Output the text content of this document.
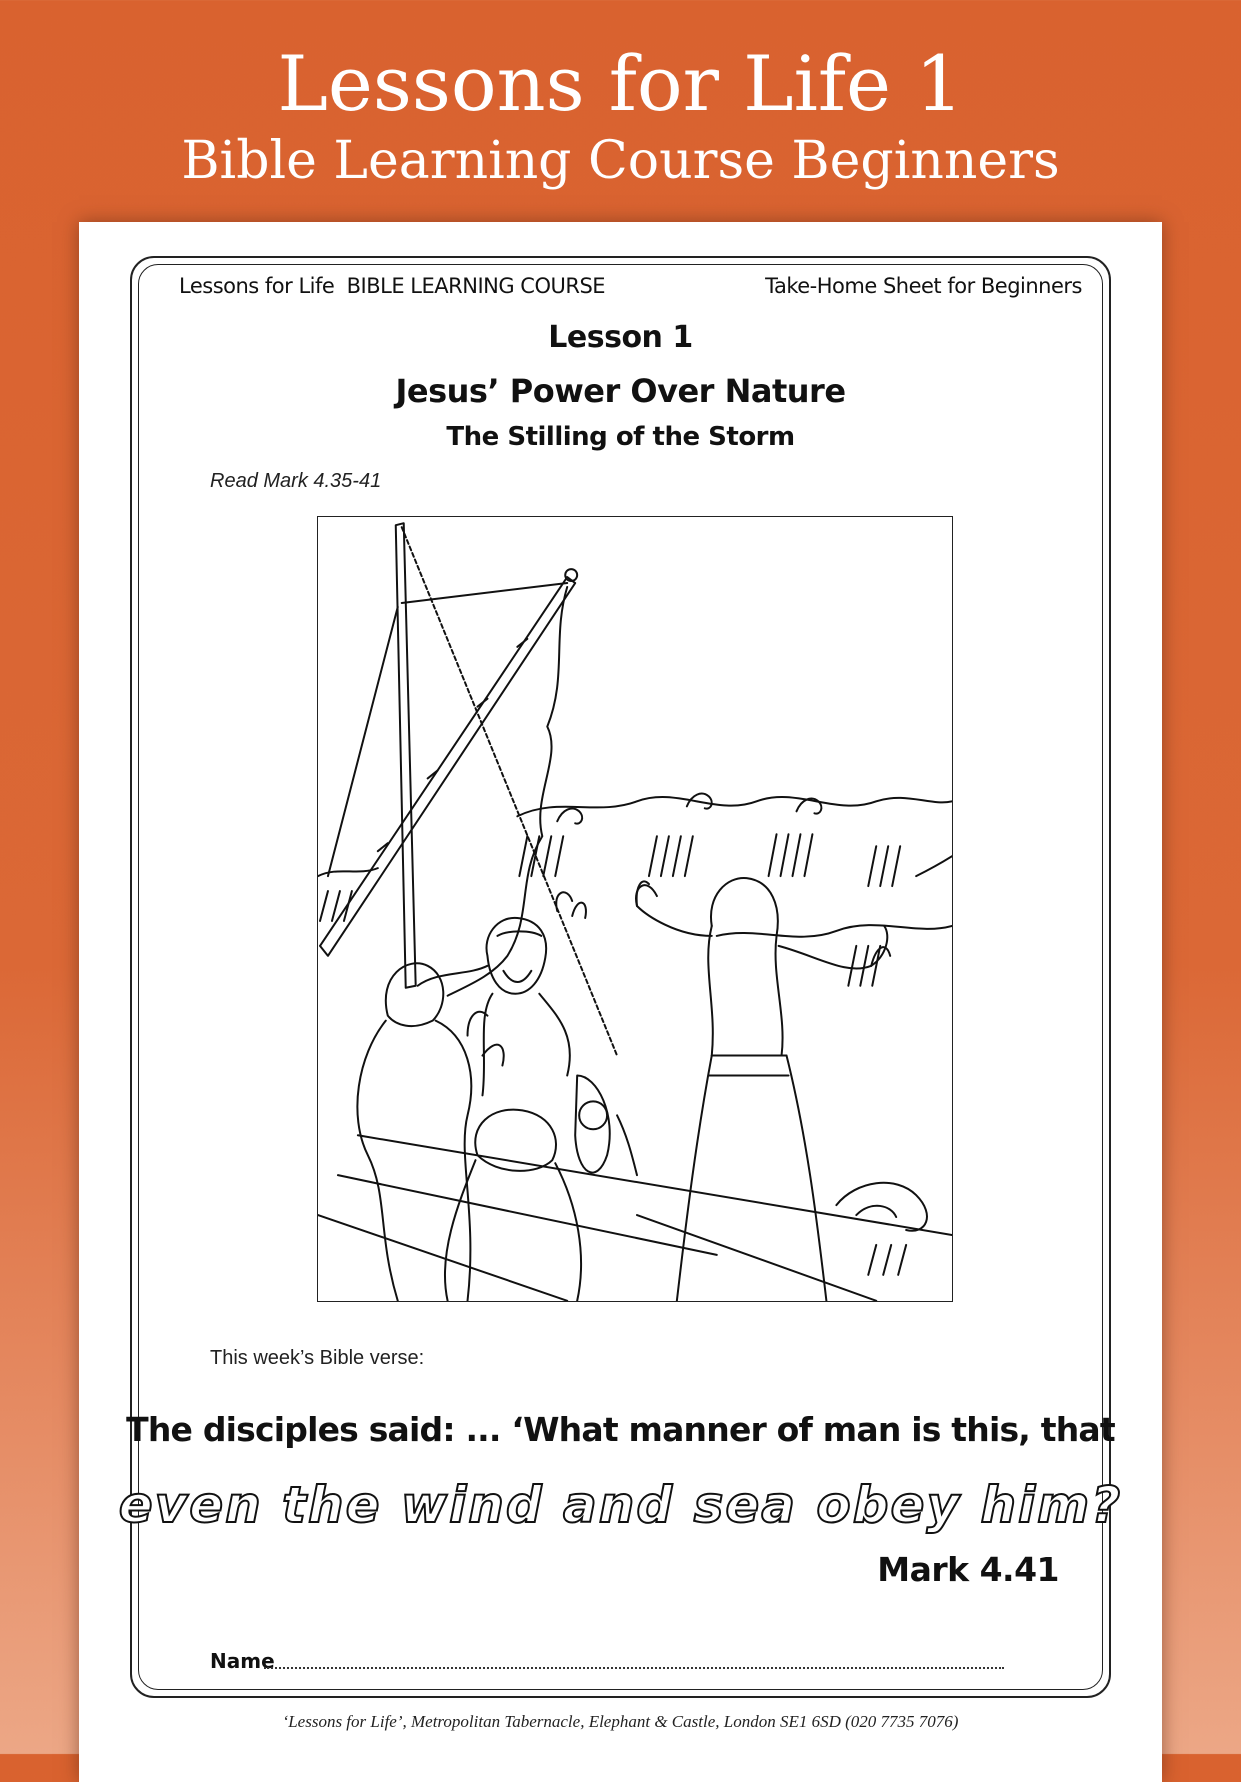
Lessons for Life 1
Bible Learning Course Beginners
Lessons for Life  BIBLE LEARNING COURSE	Take-Home Sheet for Beginners
Lesson 1
Jesus’ Power Over Nature
The Stilling of the Storm
Read Mark 4.35-41
This week’s Bible verse:
The disciples said: ... ‘What manner of man is this, that
even the wind and sea obey him?
Mark 4.41
Name
‘Lessons for Life’, Metropolitan Tabernacle, Elephant & Castle, London SE1 6SD (020 7735 7076)
